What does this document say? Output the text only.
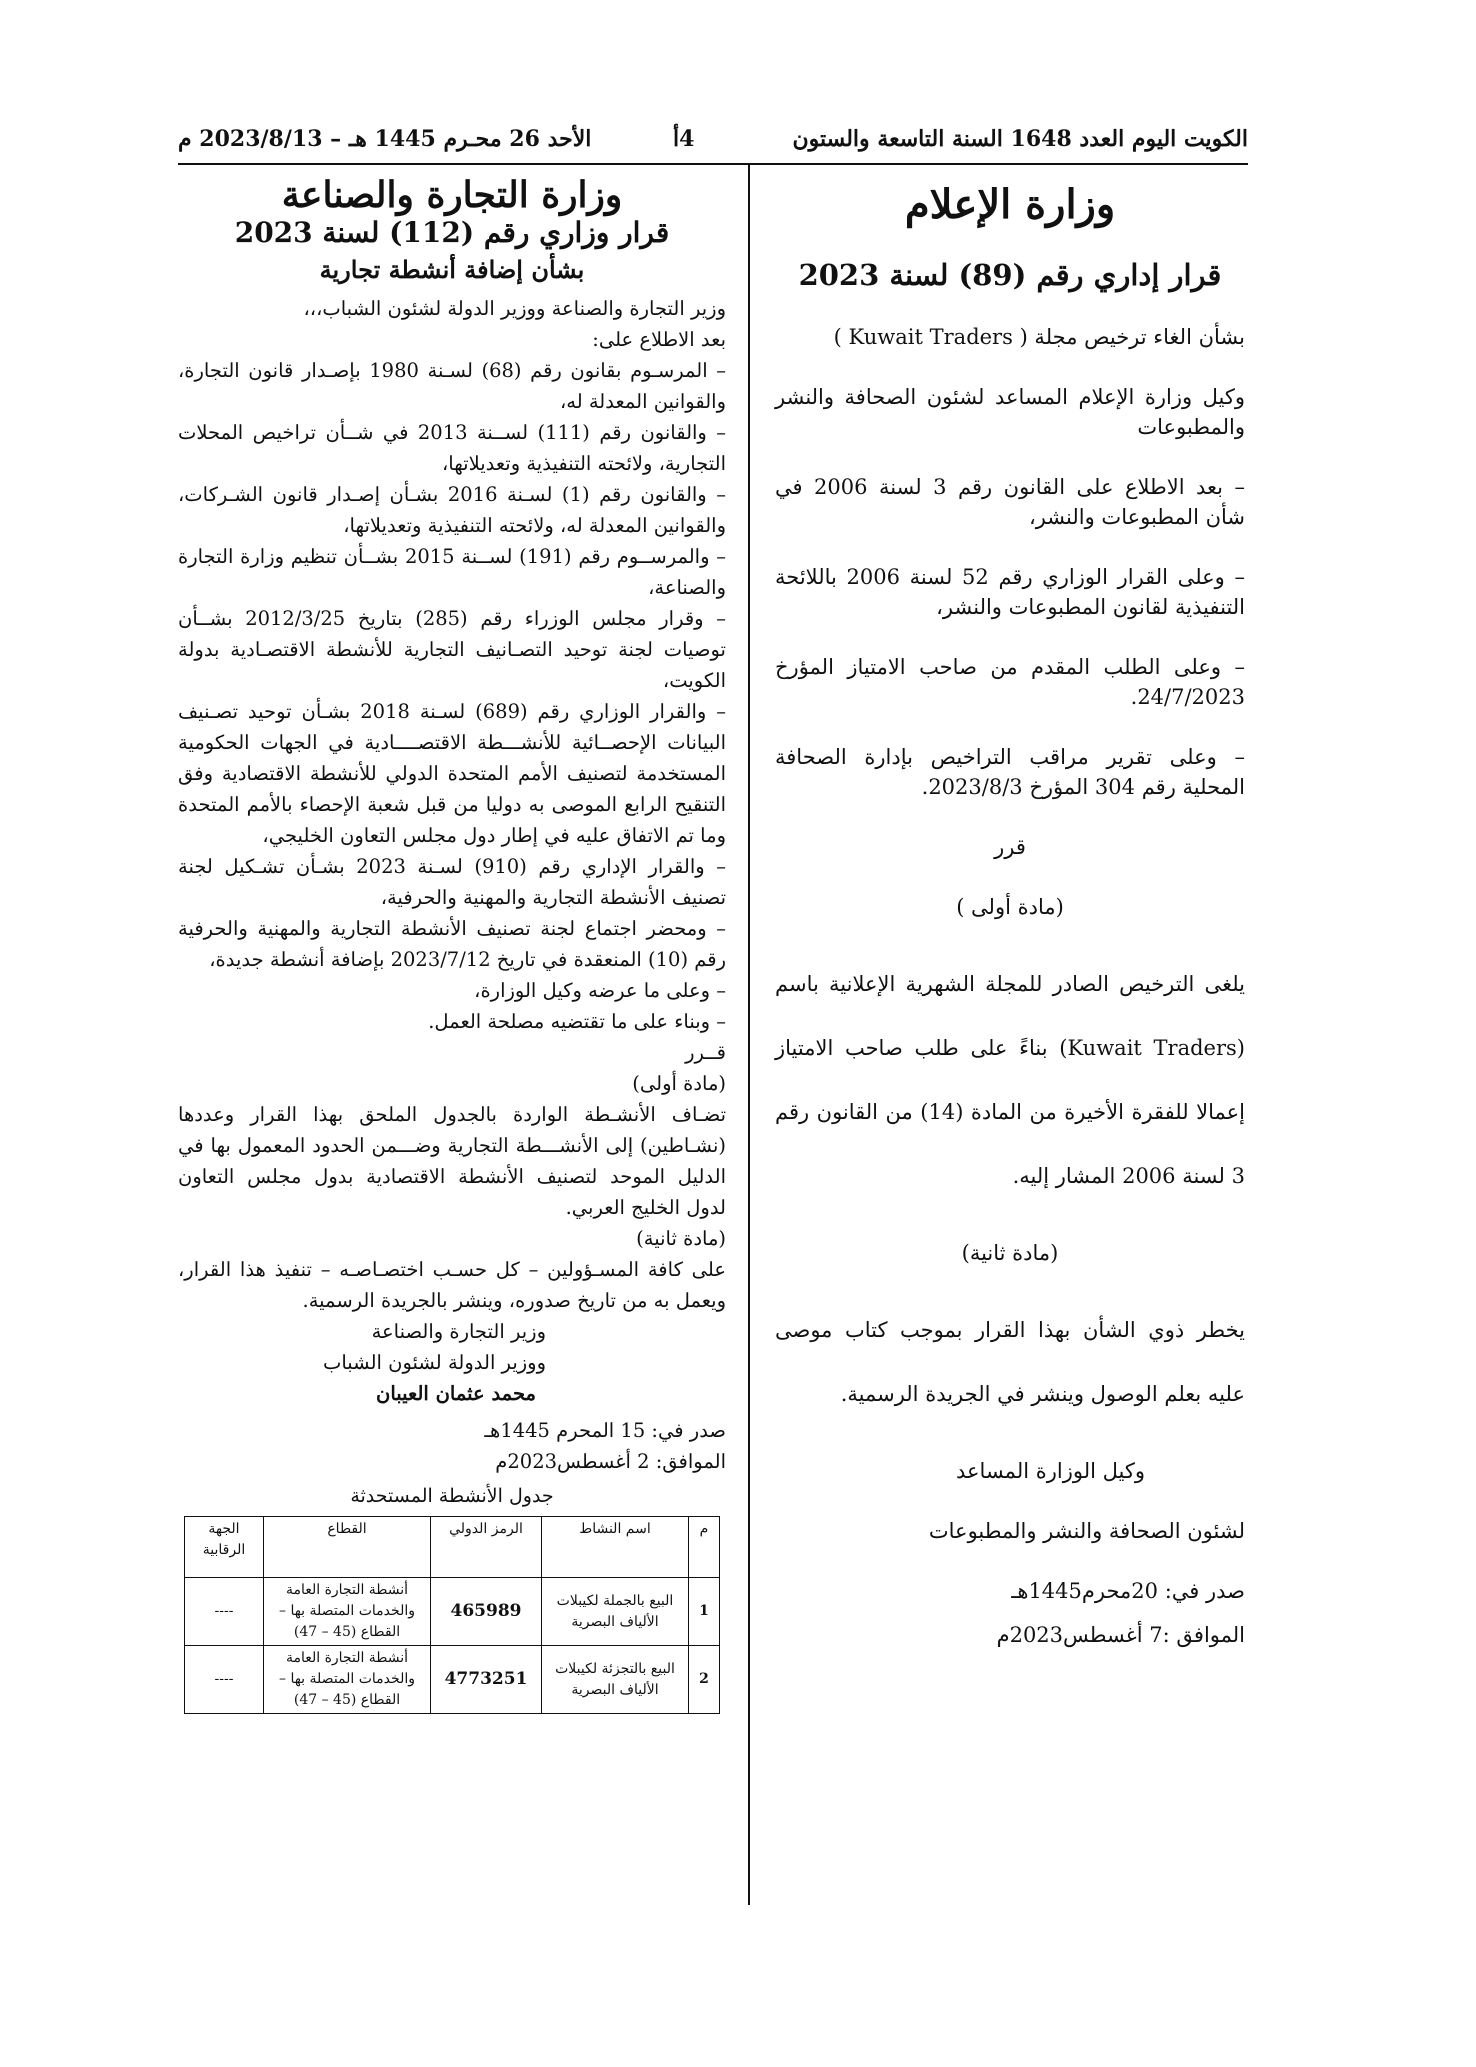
الكويت اليوم العدد 1648 السنة التاسعة والستون
4أ
الأحد 26 محـرم 1445 هـ – 2023/8/13 م
وزارة الإعلام
قرار إداري رقم (89) لسنة 2023

بشأن الغاء ترخيص مجلة ( Kuwait Traders )

وكيل وزارة الإعلام المساعد لشئون الصحافة والنشر والمطبوعات

– بعد الاطلاع على القانون رقم 3 لسنة 2006 في شأن المطبوعات والنشر،

– وعلى القرار الوزاري رقم 52 لسنة 2006 باللائحة التنفيذية لقانون المطبوعات والنشر،

– وعلى الطلب المقدم من صاحب الامتياز المؤرخ 24/7/2023.

– وعلى تقرير مراقب التراخيص بإدارة الصحافة المحلية رقم 304 المؤرخ 2023/8/3.

قرر

(مادة أولى )

يلغى الترخيص الصادر للمجلة الشهرية الإعلانية باسم (Kuwait Traders) بناءً على طلب صاحب الامتياز إعمالا للفقرة الأخيرة من المادة (14) من القانون رقم 3 لسنة 2006 المشار إليه.

(مادة ثانية)

يخطر ذوي الشأن بهذا القرار بموجب كتاب موصى عليه بعلم الوصول وينشر في الجريدة الرسمية.

وكيل الوزارة المساعد

لشئون الصحافة والنشر والمطبوعات

صدر في: 20محرم1445هـ

الموافق :7 أغسطس2023م

وزارة التجارة والصناعة
قرار وزاري رقم (112) لسنة 2023
بشأن إضافة أنشطة تجارية

وزير التجارة والصناعة ووزير الدولة لشئون الشباب،،،

بعد الاطلاع على:

– المرسـوم بقانون رقم (68) لسـنة 1980 بإصـدار قانون التجارة، والقوانين المعدلة له،

– والقانون رقم (111) لســنة 2013 في شــأن تراخيص المحلات التجارية، ولائحته التنفيذية وتعديلاتها،

– والقانون رقم (1) لسـنة 2016 بشـأن إصـدار قانون الشـركات، والقوانين المعدلة له، ولائحته التنفيذية وتعديلاتها،

– والمرســوم رقم (191) لســنة 2015 بشــأن تنظيم وزارة التجارة والصناعة،

– وقرار مجلس الوزراء رقم (285) بتاريخ 2012/3/25 بشــأن توصيات لجنة توحيد التصـانيف التجارية للأنشطة الاقتصـادية بدولة الكويت،

– والقرار الوزاري رقم (689) لسـنة 2018 بشـأن توحيد تصـنيف البيانات الإحصــائية للأنشـــطة الاقتصــــادية في الجهات الحكومية المستخدمة لتصنيف الأمم المتحدة الدولي للأنشطة الاقتصادية وفق التنقيح الرابع الموصى به دوليا من قبل شعبة الإحصاء بالأمم المتحدة وما تم الاتفاق عليه في إطار دول مجلس التعاون الخليجي،

– والقرار الإداري رقم (910) لسـنة 2023 بشـأن تشـكيل لجنة تصنيف الأنشطة التجارية والمهنية والحرفية،

– ومحضر اجتماع لجنة تصنيف الأنشطة التجارية والمهنية والحرفية رقم (10) المنعقدة في تاريخ 2023/7/12 بإضافة أنشطة جديدة،

– وعلى ما عرضه وكيل الوزارة،

– وبناء على ما تقتضيه مصلحة العمل.

قــرر

(مادة أولى)

تضـاف الأنشـطة الواردة بالجدول الملحق بهذا القرار وعددها (نشـاطين) إلى الأنشـــطة التجارية وضـــمن الحدود المعمول بها في الدليل الموحد لتصنيف الأنشطة الاقتصادية بدول مجلس التعاون لدول الخليج العربي.

(مادة ثانية)

على كافة المسـؤولين – كل حسـب اختصـاصـه – تنفيذ هذا القرار، ويعمل به من تاريخ صدوره، وينشر بالجريدة الرسمية.

وزير التجارة والصناعة

ووزير الدولة لشئون الشباب

محمد عثمان العيبان

صدر في: 15 المحرم 1445هـ

الموافق: 2 أغسطس2023م

جدول الأنشطة المستحدثة
م	اسم النشاط	الرمز الدولي	القطاع	الجهة الرقابية
1	البيع بالجملة لكيبلات الألياف البصرية	465989	أنشطة التجارة العامة والخدمات المتصلة بها – القطاع (45 – 47)	----
2	البيع بالتجزئة لكيبلات الألياف البصرية	4773251	أنشطة التجارة العامة والخدمات المتصلة بها – القطاع (45 – 47)	----
